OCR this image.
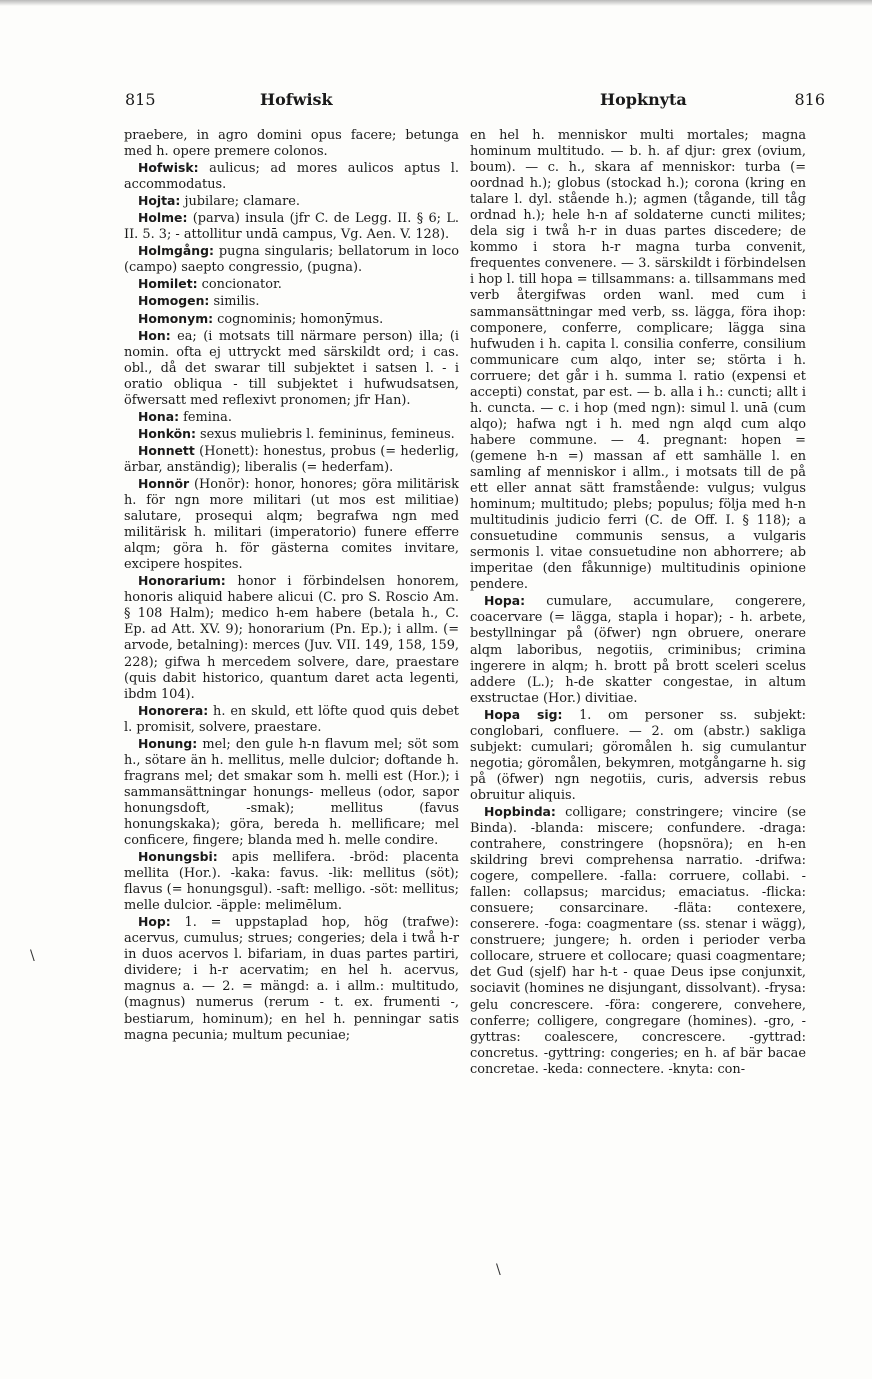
815	Hofwisk	Hopknyta	816

praebere, in agro domini opus facere; betunga med h. opere premere colonos.

Hofwisk: aulicus; ad mores aulicos aptus l. accommodatus.

Hojta: jubilare; clamare.

Holme: (parva) insula (jfr C. de Legg. II. § 6; L. II. 5. 3; - attollitur undā campus, Vg. Aen. V. 128).

Holmgång: pugna singularis; bellatorum in loco (campo) saepto congressio, (pugna).

Homilet: concionator.

Homogen: similis.

Homonym: cognominis; homonȳmus.

Hon: ea; (i motsats till närmare person) illa; (i nomin. ofta ej uttryckt med särskildt ord; i cas. obl., då det swarar till subjektet i satsen l. - i oratio obliqua - till subjektet i hufwudsatsen, öfwersatt med reflexivt pronomen; jfr Han).

Hona: femina.

Honkön: sexus muliebris l. femininus, femineus.

Honnett (Honett): honestus, probus (= hederlig, ärbar, anständig); liberalis (= hederfam).

Honnör (Honör): honor, honores; göra militärisk h. för ngn more militari (ut mos est militiae) salutare, prosequi alqm; begrafwa ngn med militärisk h. militari (imperatorio) funere efferre alqm; göra h. för gästerna comites invitare, excipere hospites.

Honorarium: honor i förbindelsen honorem, honoris aliquid habere alicui (C. pro S. Roscio Am. § 108 Halm); medico h-em habere (betala h., C. Ep. ad Att. XV. 9); honorarium (Pn. Ep.); i allm. (= arvode, betalning): merces (Juv. VII. 149, 158, 159, 228); gifwa h mercedem solvere, dare, praestare (quis dabit historico, quantum daret acta legenti, ibdm 104).

Honorera: h. en skuld, ett löfte quod quis debet l. promisit, solvere, praestare.

Honung: mel; den gule h-n flavum mel; söt som h., sötare än h. mellitus, melle dulcior; doftande h. fragrans mel; det smakar som h. melli est (Hor.); i sammansättningar honungs- melleus (odor, sapor honungsdoft, -smak); mellitus (favus honungskaka); göra, bereda h. mellificare; mel conficere, fingere; blanda med h. melle condire.

Honungsbi: apis mellifera. -bröd: placenta mellita (Hor.). -kaka: favus. -lik: mellitus (söt); flavus (= honungsgul). -saft: melligo. -söt: mellitus; melle dulcior. -äpple: melimēlum.

Hop: 1. = uppstaplad hop, hög (trafwe): acervus, cumulus; strues; congeries; dela i twå h-r in duos acervos l. bifariam, in duas partes partiri, dividere; i h-r acervatim; en hel h. acervus, magnus a. — 2. = mängd: a. i allm.: multitudo, (magnus) numerus (rerum - t. ex. frumenti -, bestiarum, hominum); en hel h. penningar satis magna pecunia; multum pecuniae;

en hel h. menniskor multi mortales; magna hominum multitudo. — b. h. af djur: grex (ovium, boum). — c. h., skara af menniskor: turba (= oordnad h.); globus (stockad h.); corona (kring en talare l. dyl. stående h.); agmen (tågande, till tåg ordnad h.); hele h-n af soldaterne cuncti milites; dela sig i twå h-r in duas partes discedere; de kommo i stora h-r magna turba convenit, frequentes convenere. — 3. särskildt i förbindelsen i hop l. till hopa = tillsammans: a. tillsammans med verb återgifwas orden wanl. med cum i sammansättningar med verb, ss. lägga, föra ihop: componere, conferre, complicare; lägga sina hufwuden i h. capita l. consilia conferre, consilium communicare cum alqo, inter se; störta i h. corruere; det går i h. summa l. ratio (expensi et accepti) constat, par est. — b. alla i h.: cuncti; allt i h. cuncta. — c. i hop (med ngn): simul l. unā (cum alqo); hafwa ngt i h. med ngn alqd cum alqo habere commune. — 4. pregnant: hopen = (gemene h-n =) massan af ett samhälle l. en samling af menniskor i allm., i motsats till de på ett eller annat sätt framstående: vulgus; vulgus hominum; multitudo; plebs; populus; följa med h-n multitudinis judicio ferri (C. de Off. I. § 118); a consuetudine communis sensus, a vulgaris sermonis l. vitae consuetudine non abhorrere; ab imperitae (den fåkunnige) multitudinis opinione pendere.

Hopa: cumulare, accumulare, congerere, coacervare (= lägga, stapla i hopar); - h. arbete, bestyllningar på (öfwer) ngn obruere, onerare alqm laboribus, negotiis, criminibus; crimina ingerere in alqm; h. brott på brott sceleri scelus addere (L.); h-de skatter congestae, in altum exstructae (Hor.) divitiae.

Hopa sig: 1. om personer ss. subjekt: conglobari, confluere. — 2. om (abstr.) sakliga subjekt: cumulari; göromålen h. sig cumulantur negotia; göromålen, bekymren, motgångarne h. sig på (öfwer) ngn negotiis, curis, adversis rebus obruitur aliquis.

Hopbinda: colligare; constringere; vincire (se Binda). -blanda: miscere; confundere. -draga: contrahere, constringere (hopsnöra); en h-en skildring brevi comprehensa narratio. -drifwa: cogere, compellere. -falla: corruere, collabi. -fallen: collapsus; marcidus; emaciatus. -flicka: consuere; consarcinare. -fläta: contexere, conserere. -foga: coagmentare (ss. stenar i wägg), construere; jungere; h. orden i perioder verba collocare, struere et collocare; quasi coagmentare; det Gud (sjelf) har h-t - quae Deus ipse conjunxit, sociavit (homines ne disjungant, dissolvant). -frysa: gelu concrescere. -föra: congerere, convehere, conferre; colligere, congregare (homines). -gro, -gyttras: coalescere, concrescere. -gyttrad: concretus. -gyttring: congeries; en h. af bär bacae concretae. -keda: connectere. -knyta: con-

\
\
